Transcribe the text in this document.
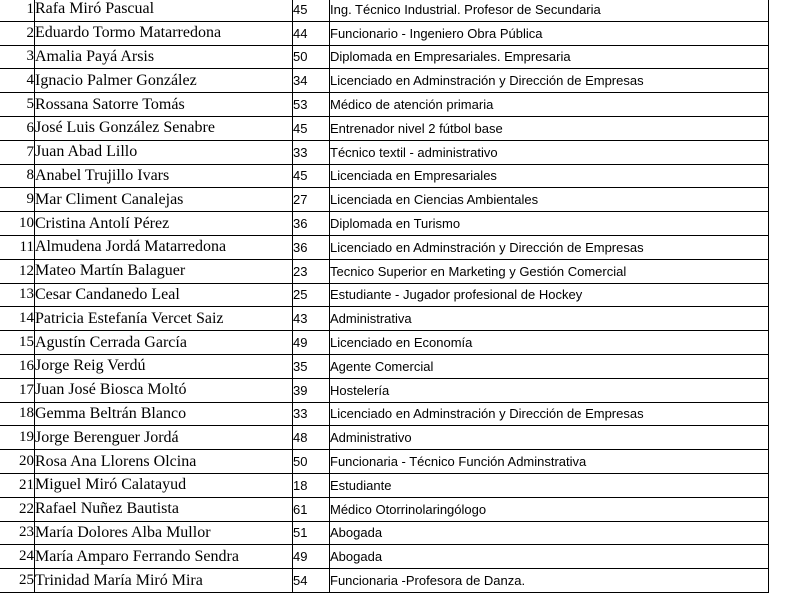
1	Rafa Miró Pascual	45	Ing. Técnico Industrial. Profesor de Secundaria
2	Eduardo Tormo Matarredona	44	Funcionario - Ingeniero Obra Pública
3	Amalia Payá Arsis	50	Diplomada en Empresariales. Empresaria
4	Ignacio Palmer González	34	Licenciado en Adminstración y Dirección de Empresas
5	Rossana Satorre Tomás	53	Médico de atención primaria
6	José Luis González Senabre	45	Entrenador nivel 2 fútbol base
7	Juan Abad Lillo	33	Técnico textil - administrativo
8	Anabel Trujillo Ivars	45	Licenciada en Empresariales
9	Mar Climent Canalejas	27	Licenciada en Ciencias Ambientales
10	Cristina Antolí Pérez	36	Diplomada en Turismo
11	Almudena Jordá Matarredona	36	Licenciado en Adminstración y Dirección de Empresas
12	Mateo Martín Balaguer	23	Tecnico Superior en Marketing y Gestión Comercial
13	Cesar Candanedo Leal	25	Estudiante - Jugador profesional de Hockey
14	Patricia Estefanía Vercet Saiz	43	Administrativa
15	Agustín Cerrada García	49	Licenciado en Economía
16	Jorge Reig Verdú	35	Agente Comercial
17	Juan José Biosca Moltó	39	Hostelería
18	Gemma Beltrán Blanco	33	Licenciado en Adminstración y Dirección de Empresas
19	Jorge Berenguer Jordá	48	Administrativo
20	Rosa Ana Llorens Olcina	50	Funcionaria - Técnico Función Adminstrativa
21	Miguel Miró Calatayud	18	Estudiante
22	Rafael Nuñez Bautista	61	Médico Otorrinolaringólogo
23	María Dolores Alba Mullor	51	Abogada
24	María Amparo Ferrando Sendra	49	Abogada
25	Trinidad María Miró Mira	54	Funcionaria -Profesora de Danza.
